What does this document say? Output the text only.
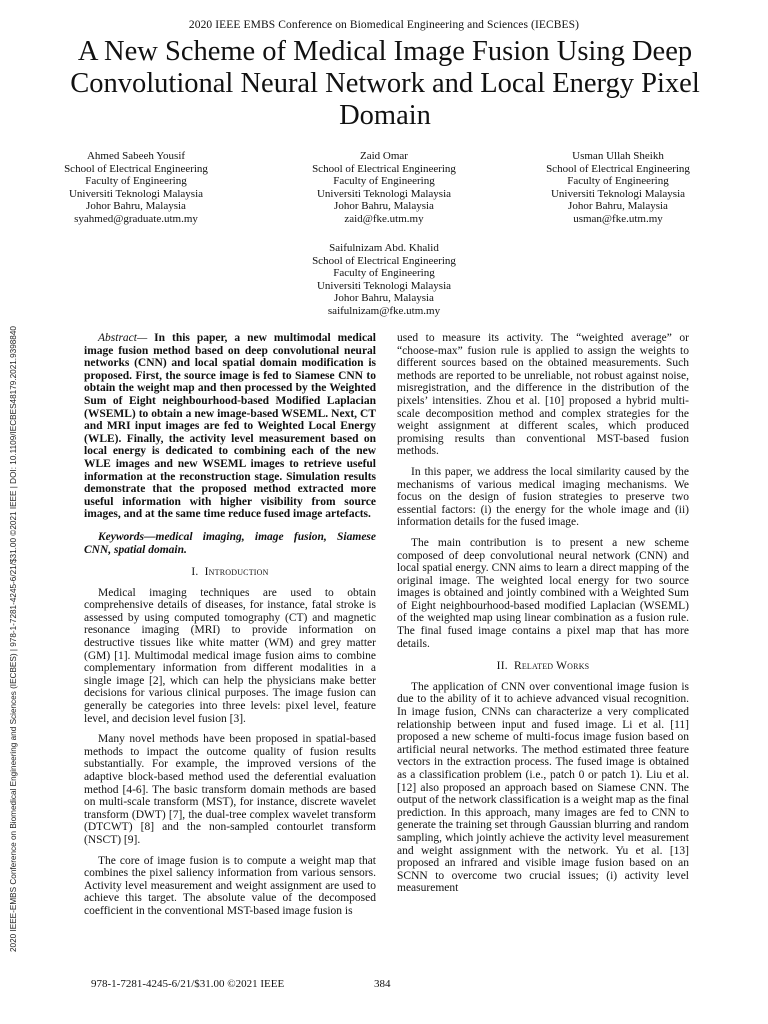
2020 IEEE EMBS Conference on Biomedical Engineering and Sciences (IECBES)
A New Scheme of Medical Image Fusion Using Deep Convolutional Neural Network and Local Energy Pixel Domain
Ahmed Sabeeh Yousif
School of Electrical Engineering
Faculty of Engineering
Universiti Teknologi Malaysia
Johor Bahru, Malaysia
syahmed@graduate.utm.my
Zaid Omar
School of Electrical Engineering
Faculty of Engineering
Universiti Teknologi Malaysia
Johor Bahru, Malaysia
zaid@fke.utm.my
Usman Ullah Sheikh
School of Electrical Engineering
Faculty of Engineering
Universiti Teknologi Malaysia
Johor Bahru, Malaysia
usman@fke.utm.my
Saifulnizam Abd. Khalid
School of Electrical Engineering
Faculty of Engineering
Universiti Teknologi Malaysia
Johor Bahru, Malaysia
saifulnizam@fke.utm.my
2020 IEEE-EMBS Conference on Biomedical Engineering and Sciences (IECBES) | 978-1-7281-4245-6/21/$31.00 ©2021 IEEE | DOI: 10.1109/IECBES48179.2021.9398840	Abstract— In this paper, a new multimodal medical image fusion method based on deep convolutional neural networks (CNN) and local spatial domain modification is proposed. First, the source image is fed to Siamese CNN to obtain the weight map and then processed by the Weighted Sum of Eight neighbourhood-based Modified Laplacian (WSEML) to obtain a new image-based WSEML. Next, CT and MRI input images are fed to Weighted Local Energy (WLE). Finally, the activity level measurement based on local energy is dedicated to combining each of the new WLE images and new WSEML images to retrieve useful information at the reconstruction stage. Simulation results demonstrate that the proposed method extracted more useful information with higher visibility from source images, and at the same time reduce fused image artefacts.

Keywords—medical imaging, image fusion, Siamese CNN, spatial domain.

I. Introduction

Medical imaging techniques are used to obtain comprehensive details of diseases, for instance, fatal stroke is assessed by using computed tomography (CT) and magnetic resonance imaging (MRI) to provide information on destructive tissues like white matter (WM) and grey matter (GM) [1]. Multimodal medical image fusion aims to combine complementary information from different modalities in a single image [2], which can help the physicians make better decisions for various clinical purposes. The image fusion can generally be categories into three levels: pixel level, feature level, and decision level fusion [3].

Many novel methods have been proposed in spatial-based methods to impact the outcome quality of fusion results substantially. For example, the improved versions of the adaptive block-based method used the deferential evaluation method [4-6]. The basic transform domain methods are based on multi-scale transform (MST), for instance, discrete wavelet transform (DWT) [7], the dual-tree complex wavelet transform (DTCWT) [8] and the non-sampled contourlet transform (NSCT) [9].

The core of image fusion is to compute a weight map that combines the pixel saliency information from various sensors. Activity level measurement and weight assignment are used to achieve this target. The absolute value of the decomposed coefficient in the conventional MST-based image fusion is

used to measure its activity. The “weighted average” or “choose-max” fusion rule is applied to assign the weights to different sources based on the obtained measurements. Such methods are reported to be unreliable, not robust against noise, misregistration, and the difference in the distribution of the pixels’ intensities. Zhou et al. [10] proposed a hybrid multi-scale decomposition method and complex strategies for the weight assignment at different scales, which produced promising results than conventional MST-based fusion methods.

In this paper, we address the local similarity caused by the mechanisms of various medical imaging mechanisms. We focus on the design of fusion strategies to preserve two essential factors: (i) the energy for the whole image and (ii) information details for the fused image.

The main contribution is to present a new scheme composed of deep convolutional neural network (CNN) and local spatial energy. CNN aims to learn a direct mapping of the original image. The weighted local energy for two source images is obtained and jointly combined with a Weighted Sum of Eight neighbourhood-based modified Laplacian (WSEML) of the weighted map using linear combination as a fusion rule. The final fused image contains a pixel map that has more details.

II. Related Works

The application of CNN over conventional image fusion is due to the ability of it to achieve advanced visual recognition. In image fusion, CNNs can characterize a very complicated relationship between input and fused image. Li et al. [11] proposed a new scheme of multi-focus image fusion based on artificial neural networks. The method estimated three feature vectors in the extraction process. The fused image is obtained as a classification problem (i.e., patch 0 or patch 1). Liu et al. [12] also proposed an approach based on Siamese CNN. The output of the network classification is a weight map as the final prediction. In this approach, many images are fed to CNN to generate the training set through Gaussian blurring and random sampling, which jointly achieve the activity level measurement and weight assignment with the network. Yu et al. [13] proposed an infrared and visible image fusion based on an SCNN to overcome two crucial issues; (i) activity level measurement

978-1-7281-4245-6/21/$31.00 ©2021 IEEE	384
